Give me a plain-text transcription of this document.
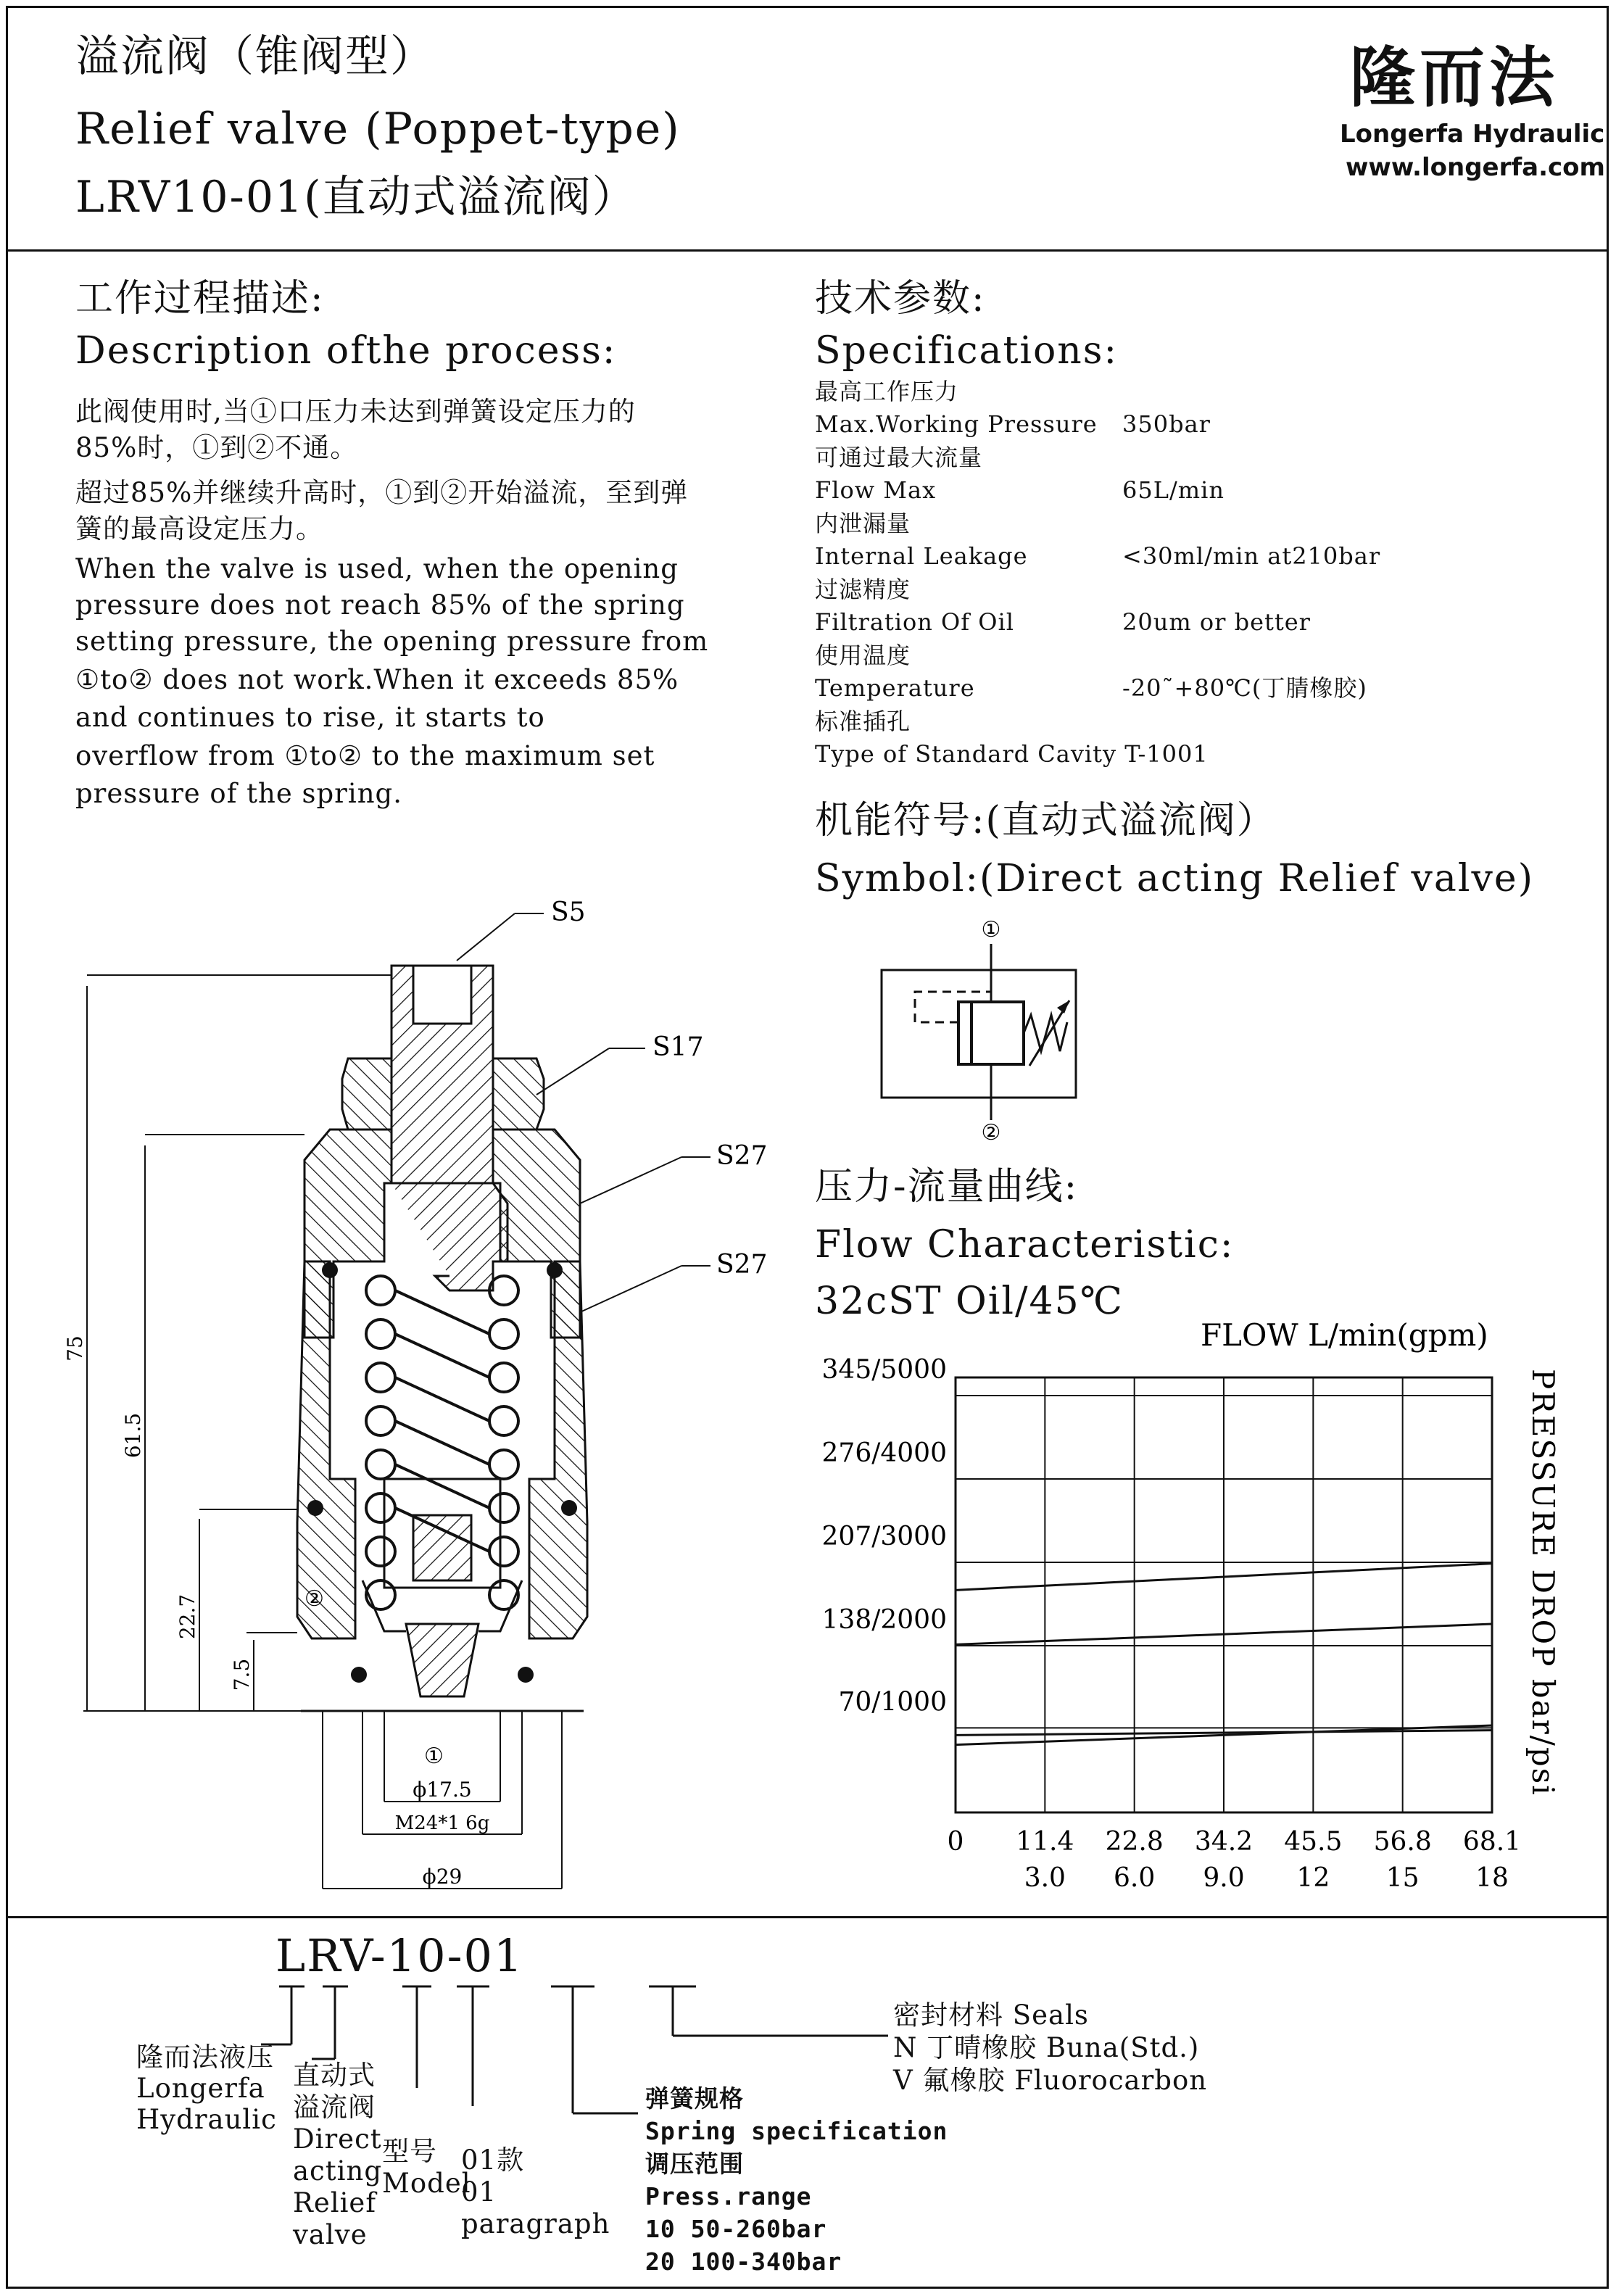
溢流阀（锥阀型）
Relief valve (Poppet-type)
LRV10-01(直动式溢流阀）
隆而法
Longerfa Hydraulic
www.longerfa.com
工作过程描述:
Description ofthe process:
此阀使用时,当①口压力未达到弹簧设定压力的
85%时，①到②不通。
超过85%并继续升高时，①到②开始溢流，至到弹
簧的最高设定压力。
When the valve is used, when the opening
pressure does not reach 85% of the spring
setting pressure, the opening pressure from
①to② does not work.When it exceeds 85%
and continues to rise, it starts to
overflow from ①to② to the maximum set
pressure of the spring.
技术参数:
Specifications:
最高工作压力
Max.Working Pressure 350bar
可通过最大流量
Flow Max	65L/min
内泄漏量
Internal Leakage	<30ml/min at210bar
过滤精度
Filtration Of Oil	20um or better
使用温度
Temperature	-20˜+80℃(丁腈橡胶)
标准插孔
Type of Standard Cavity T-1001
机能符号:(直动式溢流阀）
Symbol:(Direct acting Relief valve)
①
②
压力-流量曲线:
Flow Characteristic:
32cST Oil/45℃
FLOW L/min(gpm)
PRESSURE DROP bar/psi
345/5000
276/4000
207/3000
138/2000
70/1000
0 11.4
3.0
22.8
6.0
34.2
9.0
45.5
12
56.8
15
68.1
18
S5
S17
S27
S27
②
①
75
61.5
22.7
7.5
ϕ17.5
M24*1 6g
ϕ29
LRV-10-01
隆而法液压
Longerfa
Hydraulic
直动式
溢流阀
Direct
acting
Relief
valve
型号
Model
01款
01
paragraph
弹簧规格
Spring specification
调压范围
Press.range
10 50-260bar
20 100-340bar
密封材料 Seals
N 丁晴橡胶 Buna(Std.)
V 氟橡胶 Fluorocarbon
